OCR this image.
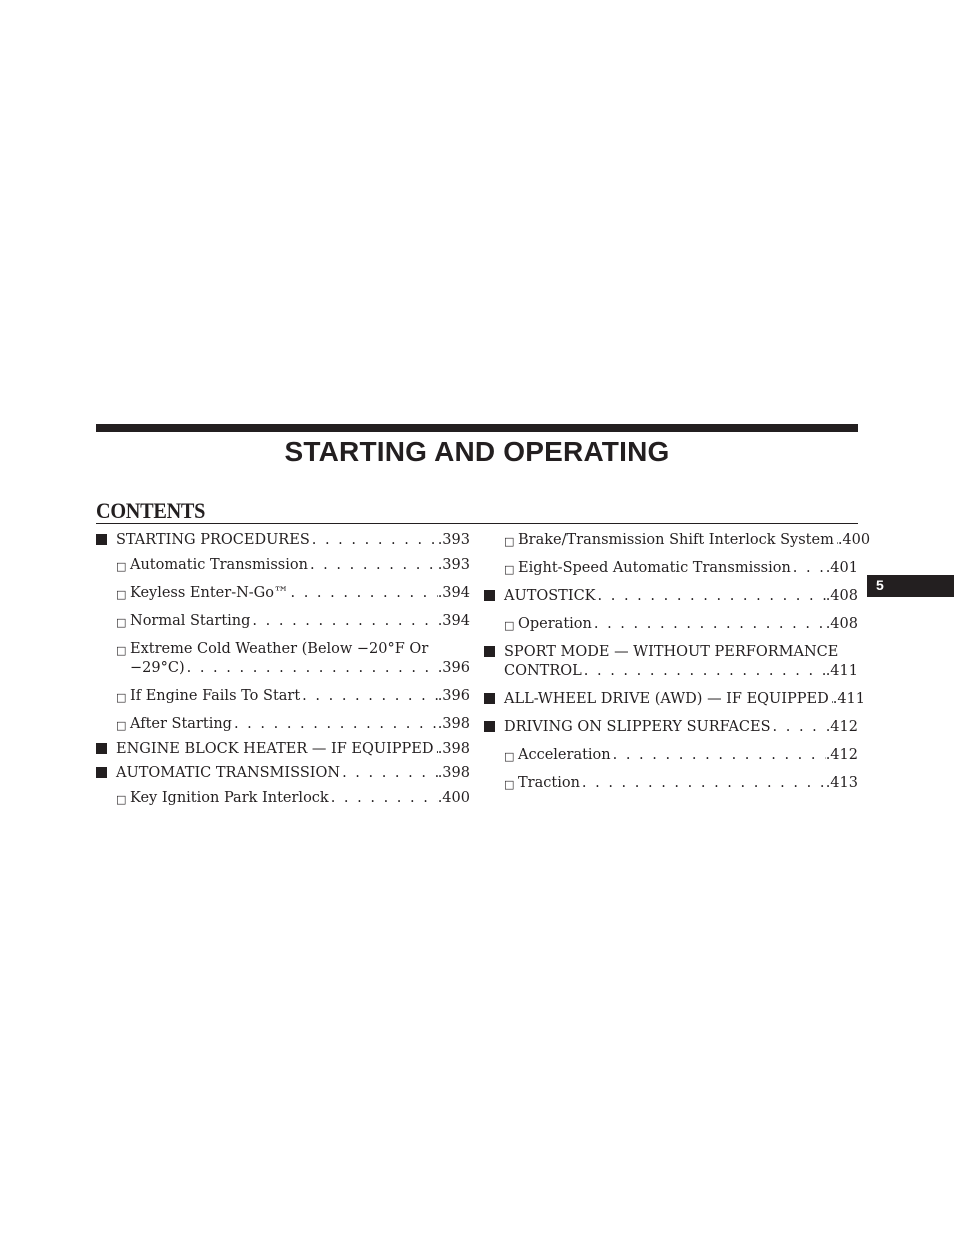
STARTING AND OPERATING
CONTENTS
STARTING PROCEDURES . . .	.393
□ Automatic Transmission . . .	.393
□ Keyless Enter-N-Go™ . . .	.394
□ Normal Starting . . .	.394
□ Extreme Cold Weather (Below −20°F Or
−29°C) . . .	.396
□ If Engine Fails To Start . . .	.396
□ After Starting . . .	.398
ENGINE BLOCK HEATER — IF EQUIPPED . . . .398
AUTOMATIC TRANSMISSION . . .	.398
□ Key Ignition Park Interlock . . .	.400
□ Brake/Transmission Shift Interlock System . . . .400
□ Eight-Speed Automatic Transmission . . . .401
AUTOSTICK . . .	.408
□ Operation . . .	.408
SPORT MODE — WITHOUT PERFORMANCE
CONTROL . . .	.411
ALL-WHEEL DRIVE (AWD) — IF EQUIPPED . . . .411
DRIVING ON SLIPPERY SURFACES . . .	.412
□ Acceleration . . .	.412
□ Traction . . .	.413
5
